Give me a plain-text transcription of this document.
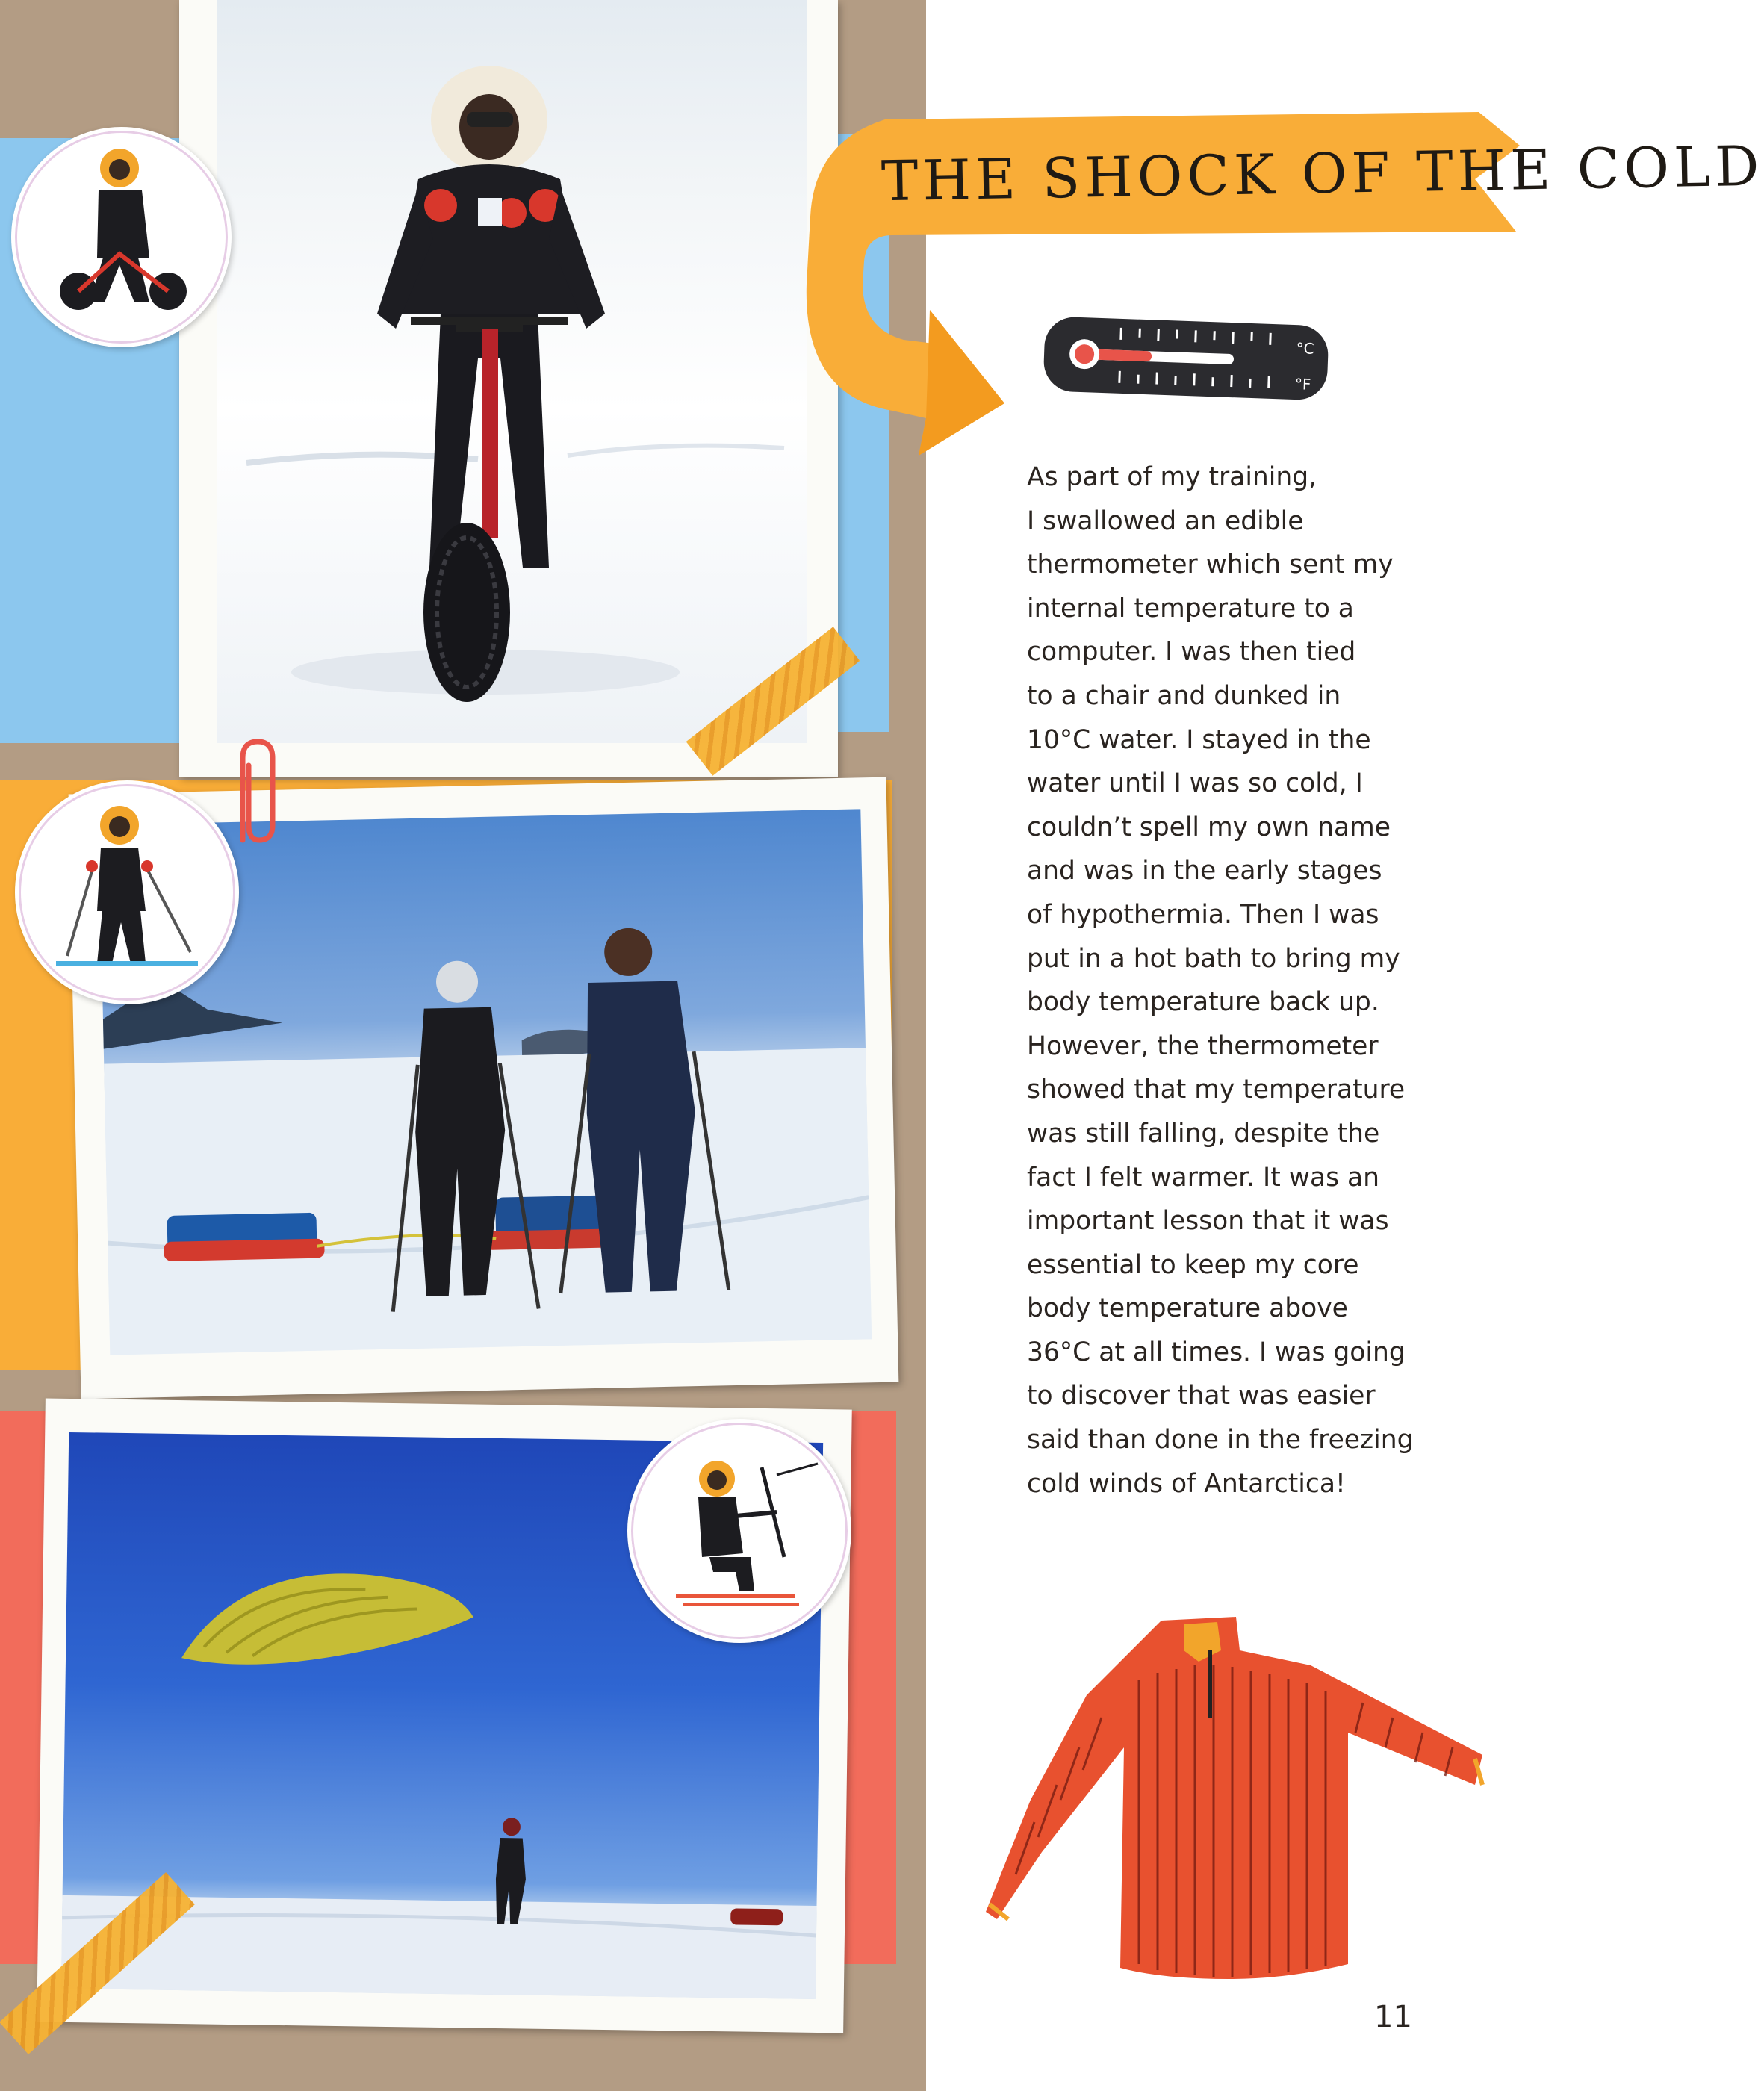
THE SHOCK OF THE COLD
°C
°F

As part of my training,
I swallowed an edible
thermometer which sent my
internal temperature to a
computer. I was then tied
to a chair and dunked in
10°C water. I stayed in the
water until I was so cold, I
couldn’t spell my own name
and was in the early stages
of hypothermia. Then I was
put in a hot bath to bring my
body temperature back up.
However, the thermometer
showed that my temperature
was still falling, despite the
fact I felt warmer. It was an
important lesson that it was
essential to keep my core
body temperature above
36°C at all times. I was going
to discover that was easier
said than done in the freezing
cold winds of Antarctica!

11
